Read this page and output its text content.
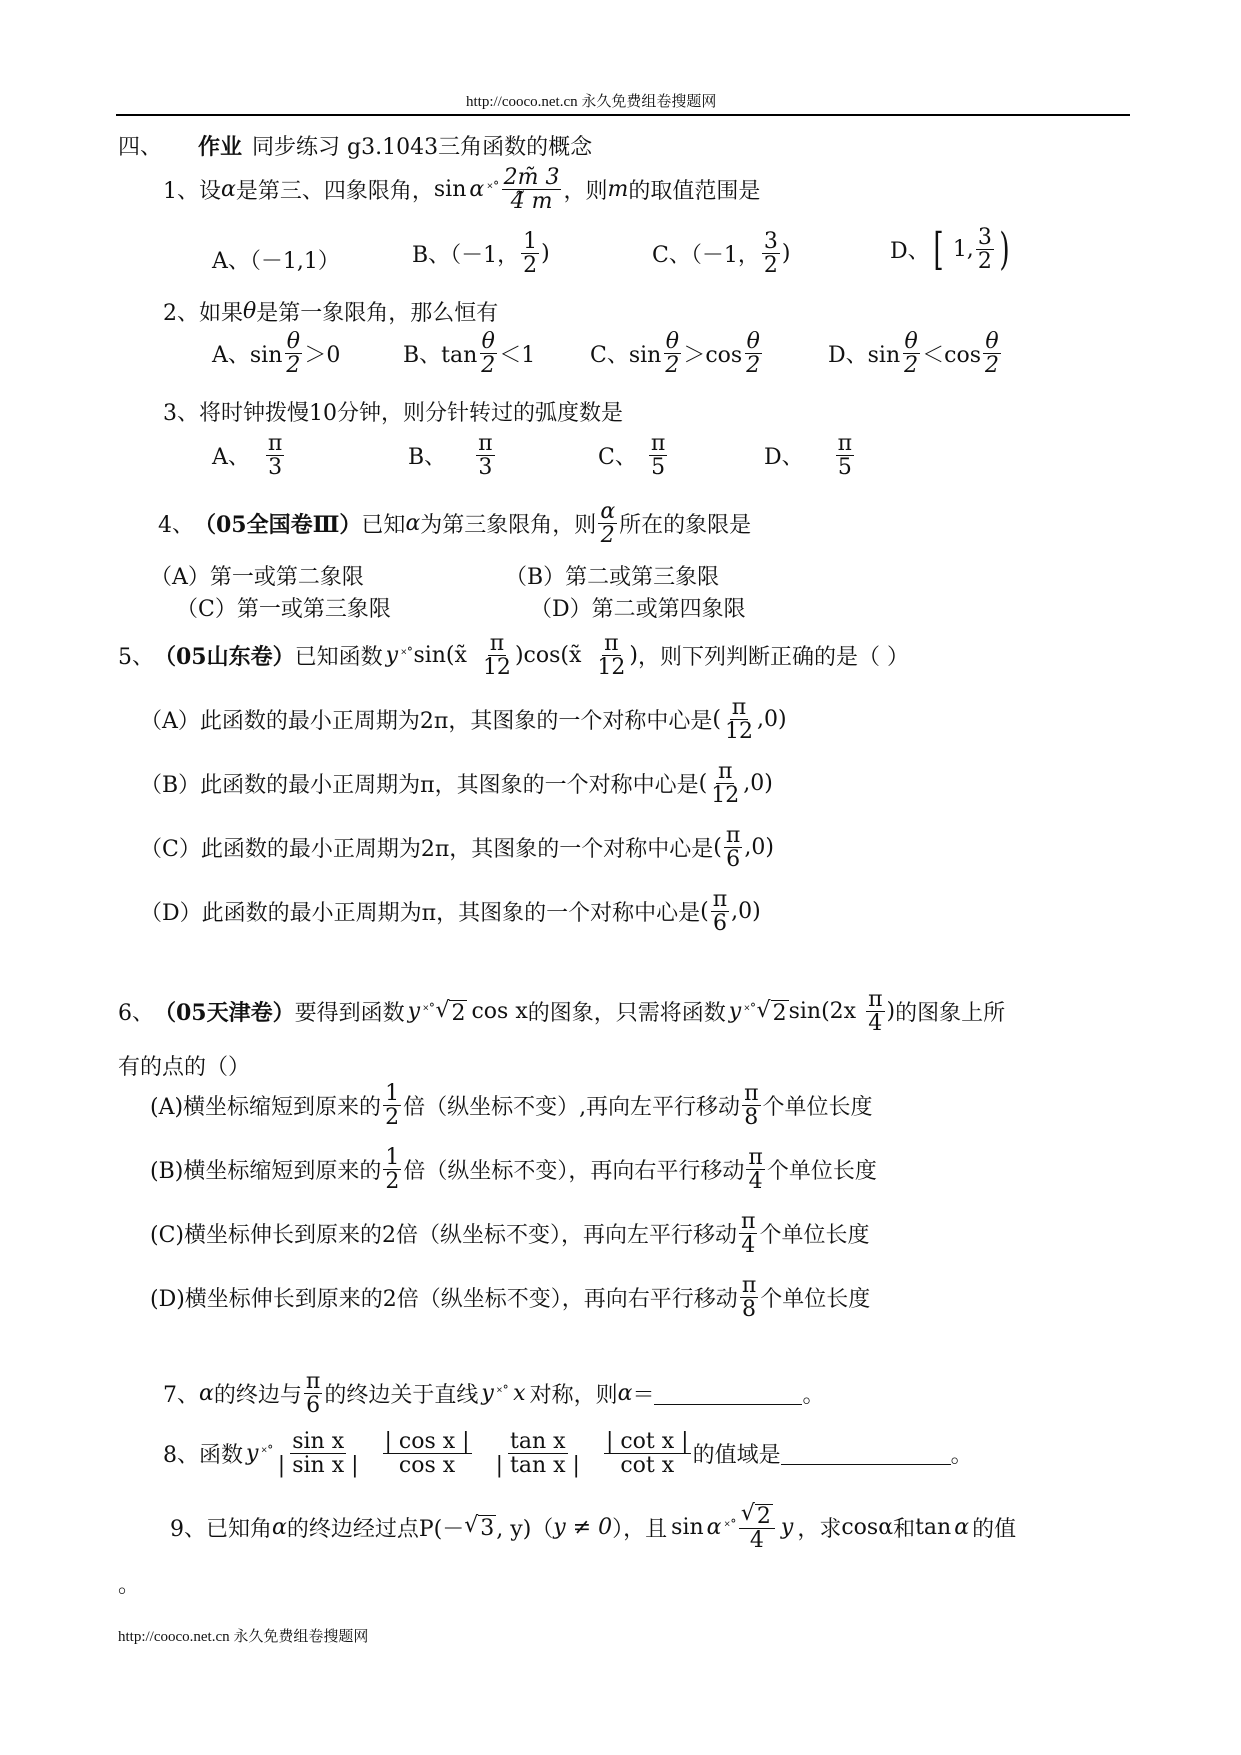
http://cooco.net.cn 永久免费组卷搜题网
四、 作业 同步练习 g3.1043三角函数的概念
1、设 α 是第三、四象限角， sin α ˟˚ $\frac{2m̃ 3}{4̃ m}$ ，则 m 的取值范围是
A、（－1,1）	B、（－1， $\frac{1}{2}$ )	C、（－1， $\frac{3}{2}$ )	D、 [ 1, $\frac{3}{2}$ )
2、如果 θ 是第一象限角，那么恒有
A、$\sin \frac{\theta}{2} >0$	B、$\tan \frac{\theta}{2} <1$ C、$\sin \frac{\theta}{2} >\cos \frac{\theta}{2}$	D、$\sin \frac{\theta}{2} <\cos \frac{\theta}{2}$
3、将时钟拨慢10分钟，则分针转过的弧度数是
A、 $\frac{\pi}{3}$	B、 $\frac{\pi}{3}$	C、 $\frac{\pi}{5}$	D、 $\frac{\pi}{5}$
4、 （05全国卷Ⅲ） 已知 α 为第三象限角，则 $\frac{\alpha}{2}$ 所在的象限是
（A）第一或第二象限	（B）第二或第三象限
（C）第一或第三象限	（D）第二或第四象限
5、 （05山东卷） 已知函数 y ˟˚ sin(x̃ $\frac{\pi}{12}$ )cos(x̃ $\frac{\pi}{12}$ ) ，则下列判断正确的是（ ）
（A）此函数的最小正周期为2π，其图象的一个对称中心是 ( $\frac{\pi}{12} ,0$)
（B）此函数的最小正周期为π，其图象的一个对称中心是 ( $\frac{\pi}{12} ,0$)
（C）此函数的最小正周期为2π，其图象的一个对称中心是 ( $\frac{\pi}{6} ,0$)
（D）此函数的最小正周期为π，其图象的一个对称中心是 ( $\frac{\pi}{6} ,0$)
6、 （05天津卷） 要得到函数 y ˟˚ √ 2 cos x 的图象，只需将函数 y ˟˚ √ 2 $\sin(2x \frac{\pi}{4}$ ) 的图象上所
有的点的（）
(A)横坐标缩短到原来的 $\frac{1}{2}$ 倍（纵坐标不变）,再向左平行移动 $\frac{\pi}{8}$ 个单位长度
(B)横坐标缩短到原来的 $\frac{1}{2}$ 倍（纵坐标不变），再向右平行移动 $\frac{\pi}{4}$ 个单位长度
(C)横坐标伸长到原来的2倍（纵坐标不变），再向左平行移动 $\frac{\pi}{4}$ 个单位长度
(D)横坐标伸长到原来的2倍（纵坐标不变），再向右平行移动 $\frac{\pi}{8}$ 个单位长度
7、 α 的终边与 $\frac{\pi}{6}$ 的终边关于直线 y ˟˚ x 对称，则 α ＝	。
8、函数 y ˟˚ $\frac{\text{sin x}}{\text{| sin x |}} \frac{\text{| cos x |}}{\text{cos x}} \frac{\text{tan x}}{\text{| tan x |}} \frac{\text{| cot x |}}{\text{cot x}}$ 的值域是	。
9、已知角 α 的终边经过点P(－ √ 3 , y)（ y ≠ 0 ），且 sin α ˟˚ $\frac{√ 2}{4}$ y ，求 cosα 和 tan α 的值
。
http://cooco.net.cn 永久免费组卷搜题网
